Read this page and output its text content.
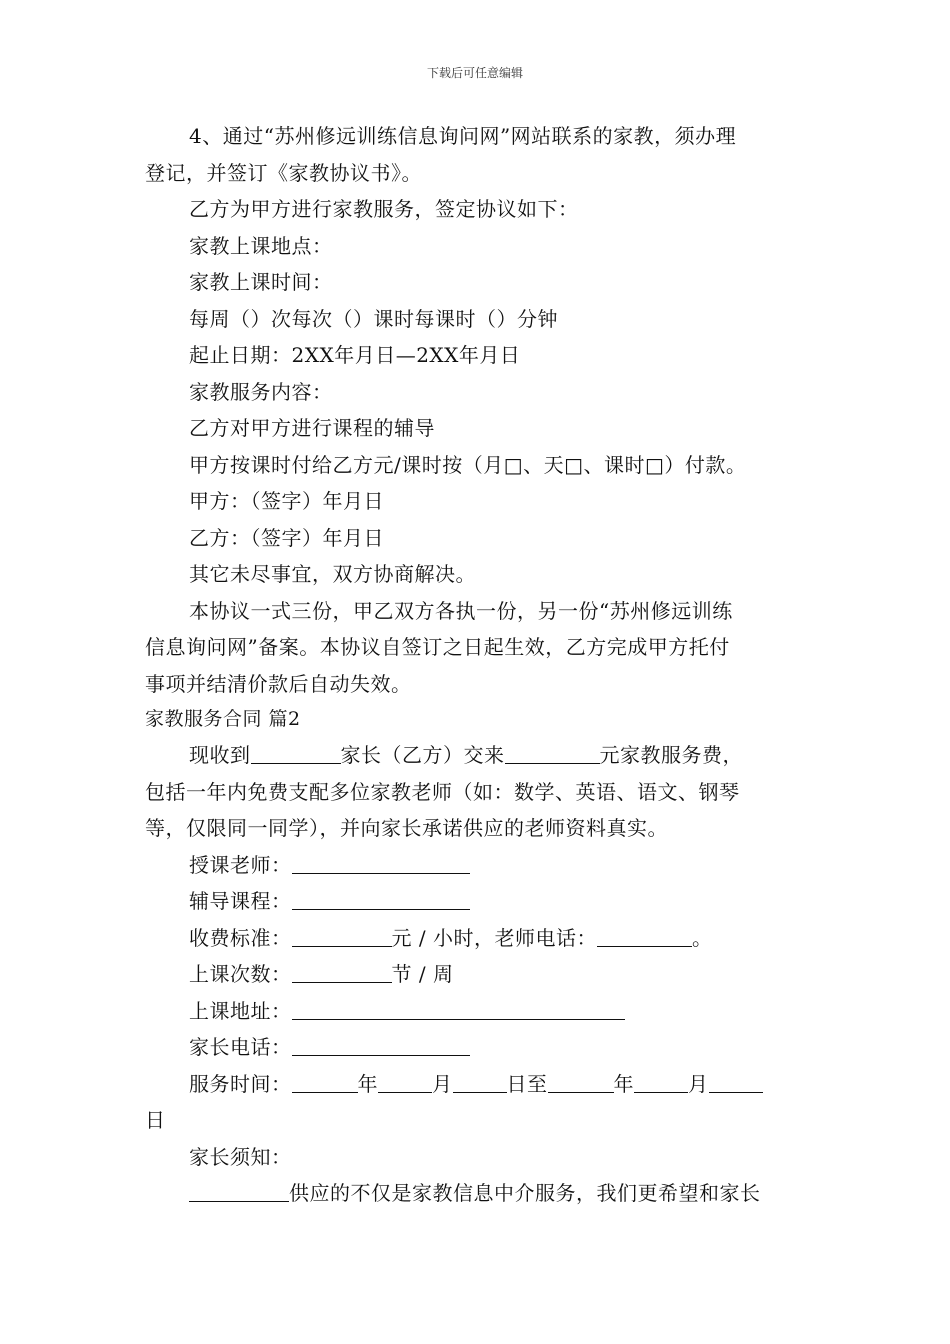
下载后可任意编辑
4、通过“苏州修远训练信息询问网”网站联系的家教，须办理
登记，并签订《家教协议书》。
乙方为甲方进行家教服务，签定协议如下：
家教上课地点：
家教上课时间：
每周（）次每次（）课时每课时（）分钟
起止日期：2XX年月日—2XX年月日
家教服务内容：
乙方对甲方进行课程的辅导
甲方按课时付给乙方元/课时按（月□、天□、课时□）付款。
甲方：（签字）年月日
乙方：（签字）年月日
其它未尽事宜，双方协商解决。
本协议一式三份，甲乙双方各执一份，另一份“苏州修远训练
信息询问网”备案。本协议自签订之日起生效，乙方完成甲方托付
事项并结清价款后自动失效。
家教服务合同 篇2
现收到	家长（乙方）交来	元家教服务费，
包括一年内免费支配多位家教老师（如：数学、英语、语文、钢琴
等，仅限同一同学），并向家长承诺供应的老师资料真实。
授课老师：
辅导课程：
收费标准：	元 / 小时，老师电话：	。
上课次数：	节 / 周
上课地址：
家长电话：
服务时间：	年	月	日至	年	月
日
家长须知：
供应的不仅是家教信息中介服务，我们更希望和家长
